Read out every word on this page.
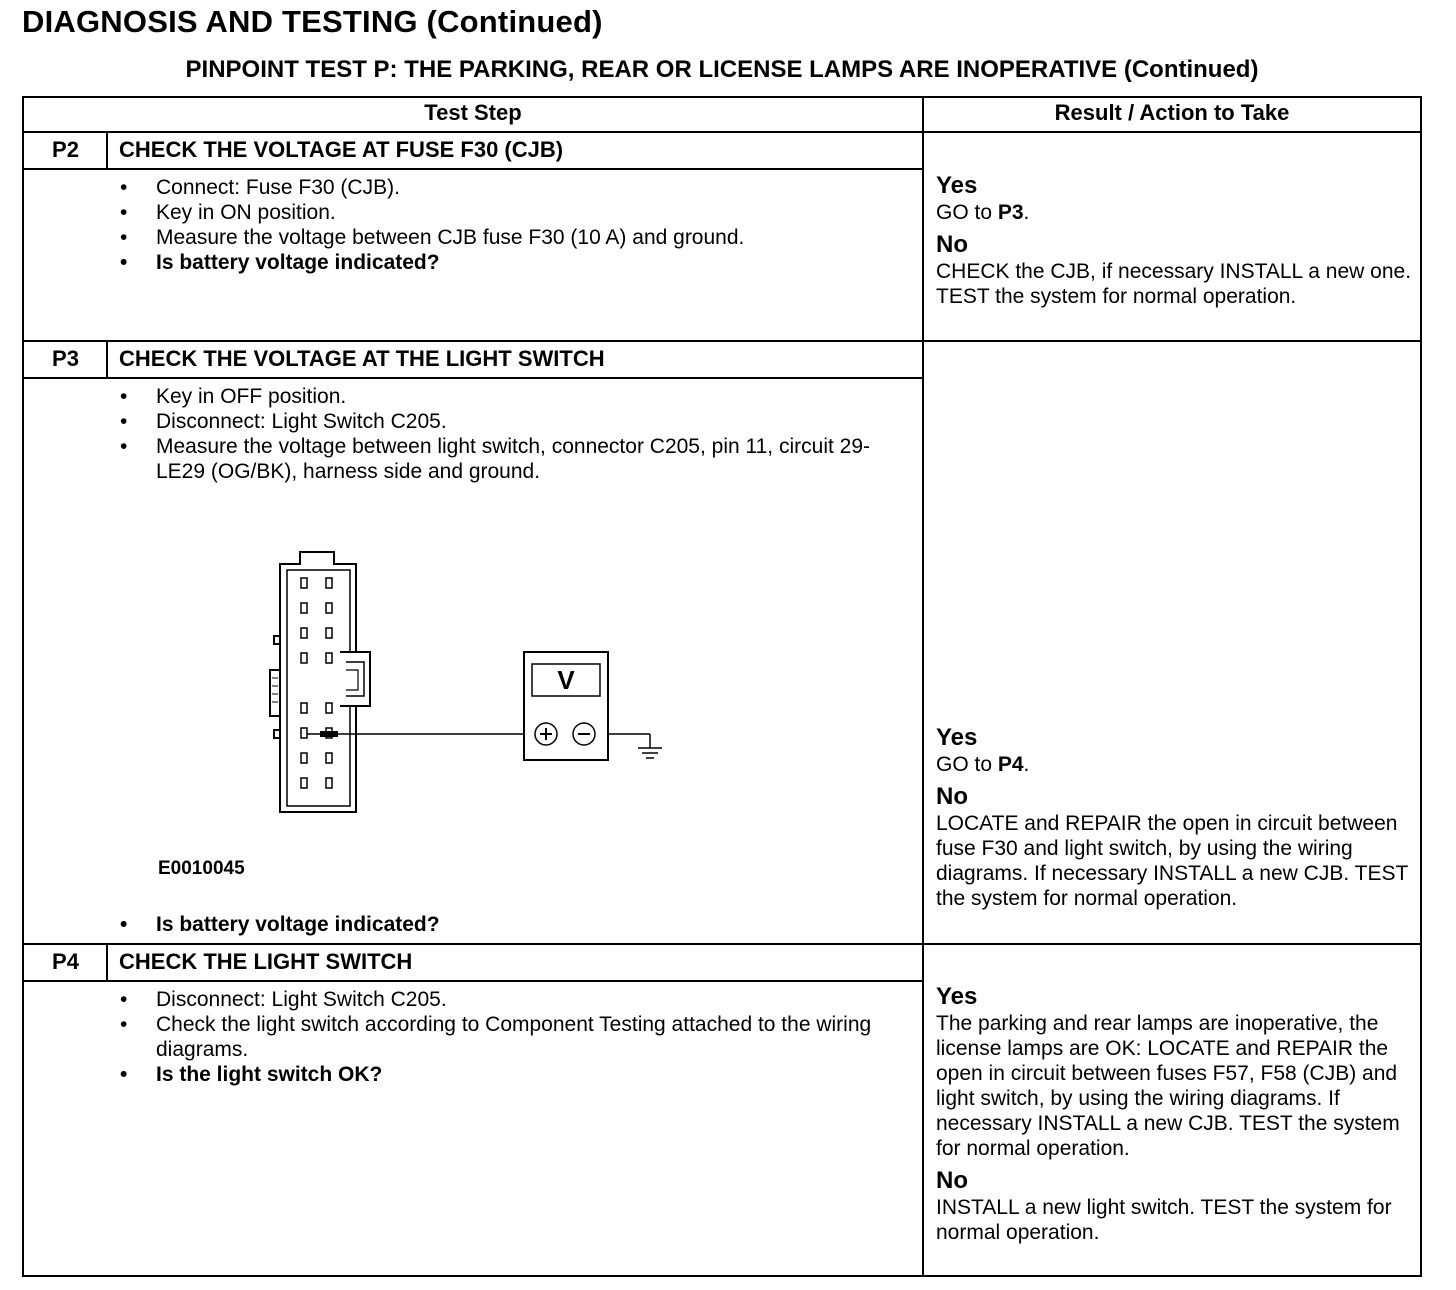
DIAGNOSIS AND TESTING (Continued)
PINPOINT TEST P: THE PARKING, REAR OR LICENSE LAMPS ARE INOPERATIVE (Continued)
Test Step	Result / Action to Take
P2	CHECK THE VOLTAGE AT FUSE F30 (CJB)
• Connect: Fuse F30 (CJB).
• Key in ON position.
• Measure the voltage between CJB fuse F30 (10 A) and ground.
• Is battery voltage indicated?
Yes
GO to P3.
No
CHECK the CJB, if necessary INSTALL a new one. TEST the system for normal operation.
P3	CHECK THE VOLTAGE AT THE LIGHT SWITCH
• Key in OFF position.
• Disconnect: Light Switch C205.
• Measure the voltage between light switch, connector C205, pin 11, circuit 29-LE29 (OG/BK), harness side and ground.
V
E0010045
• Is battery voltage indicated?
Yes
GO to P4.
No
LOCATE and REPAIR the open in circuit between fuse F30 and light switch, by using the wiring diagrams. If necessary INSTALL a new CJB. TEST the system for normal operation.
P4	CHECK THE LIGHT SWITCH
• Disconnect: Light Switch C205.
• Check the light switch according to Component Testing attached to the wiring diagrams.
• Is the light switch OK?
Yes
The parking and rear lamps are inoperative, the license lamps are OK: LOCATE and REPAIR the open in circuit between fuses F57, F58 (CJB) and light switch, by using the wiring diagrams. If necessary INSTALL a new CJB. TEST the system for normal operation.
No
INSTALL a new light switch. TEST the system for normal operation.
